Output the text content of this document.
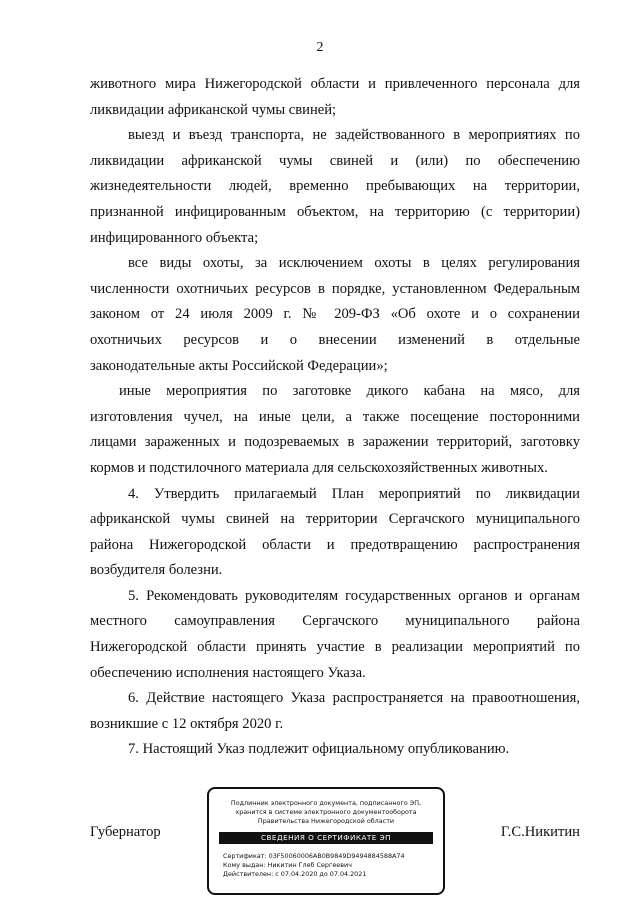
2
животного мира Нижегородской области и привлеченного персонала для
ликвидации африканской чумы свиней;
выезд и въезд транспорта, не задействованного в мероприятиях по
ликвидации африканской чумы свиней и (или) по обеспечению
жизнедеятельности людей, временно пребывающих на территории,
признанной инфицированным объектом, на территорию (с территории)
инфицированного объекта;
все виды охоты, за исключением охоты в целях регулирования
численности охотничьих ресурсов в порядке, установленном Федеральным
законом от 24 июля 2009 г. № 209-ФЗ «Об охоте и о сохранении
охотничьих ресурсов и о внесении изменений в отдельные
законодательные акты Российской Федерации»;
иные мероприятия по заготовке дикого кабана на мясо, для
изготовления чучел, на иные цели, а также посещение посторонними
лицами зараженных и подозреваемых в заражении территорий, заготовку
кормов и подстилочного материала для сельскохозяйственных животных.
4. Утвердить прилагаемый План мероприятий по ликвидации
африканской чумы свиней на территории Сергачского муниципального
района Нижегородской области и предотвращению распространения
возбудителя болезни.
5. Рекомендовать руководителям государственных органов и органам
местного самоуправления Сергачского муниципального района
Нижегородской области принять участие в реализации мероприятий по
обеспечению исполнения настоящего Указа.
6. Действие настоящего Указа распространяется на правоотношения,
возникшие с 12 октября 2020 г.
7. Настоящий Указ подлежит официальному опубликованию.
Губернатор	Г.С.Никитин
Подлинник электронного документа, подписанного ЭП,
хранится в системе электронного документооборота
Правительства Нижегородской области
СВЕДЕНИЯ О СЕРТИФИКАТЕ ЭП
Сертификат: 03F50060006AB0B9849D9494884588A74
Кому выдан: Никитин Глеб Сергеевич
Действителен: с 07.04.2020 до 07.04.2021
